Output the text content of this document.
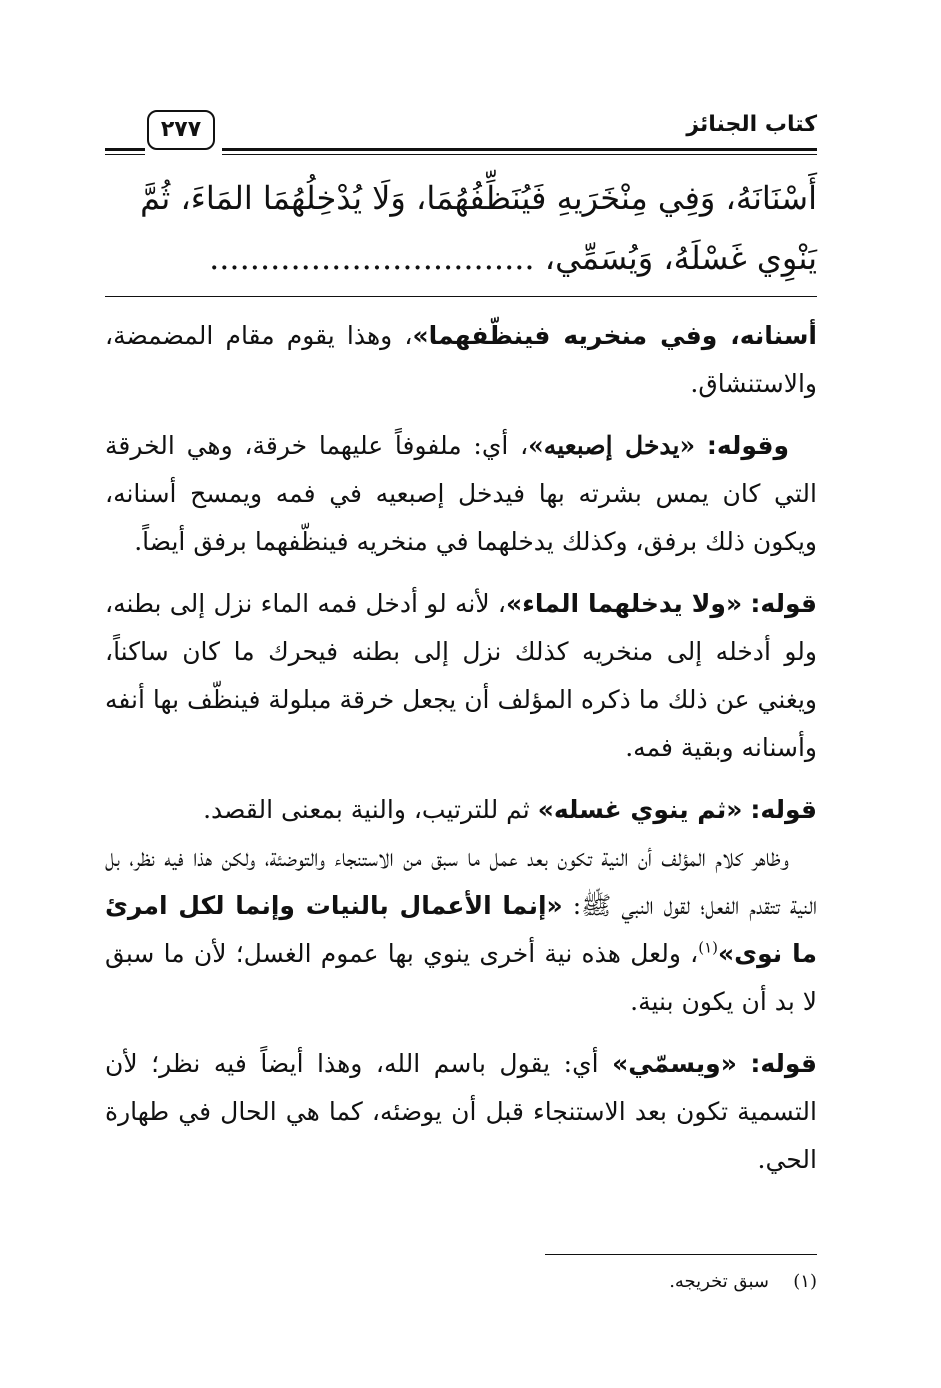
كتاب الجنائز
٢٧٧
أَسْنَانَهُ، وَفِي مِنْخَرَيهِ فَيُنَظِّفُهُمَا، وَلَا يُدْخِلُهُمَا المَاءَ، ثُمَّ
يَنْوِي غَسْلَهُ، وَيُسَمِّي، ................................

أسنانه، وفي منخريه فينظّفهما»، وهذا يقوم مقام المضمضة، والاستنشاق.

وقوله: «يدخل إصبعيه»، أي: ملفوفاً عليهما خرقة، وهي الخرقة التي كان يمس بشرته بها فيدخل إصبعيه في فمه ويمسح أسنانه، ويكون ذلك برفق، وكذلك يدخلهما في منخريه فينظّفهما برفق أيضاً.

قوله: «ولا يدخلهما الماء»، لأنه لو أدخل فمه الماء نزل إلى بطنه، ولو أدخله إلى منخريه كذلك نزل إلى بطنه فيحرك ما كان ساكناً، ويغني عن ذلك ما ذكره المؤلف أن يجعل خرقة مبلولة فينظّف بها أنفه وأسنانه وبقية فمه.

قوله: «ثم ينوي غسله» ثم للترتيب، والنية بمعنى القصد.

وظاهر كلام المؤلف أن النية تكون بعد عمل ما سبق من الاستنجاء والتوضئة، ولكن هذا فيه نظر، بل النية تتقدم الفعل؛ لقول النبي ﷺ: «إنما الأعمال بالنيات وإنما لكل امرئ ما نوى»$^{(١)}$، ولعل هذه نية أخرى ينوي بها عموم الغسل؛ لأن ما سبق لا بد أن يكون بنية.

قوله: «ويسمّي» أي: يقول باسم الله، وهذا أيضاً فيه نظر؛ لأن التسمية تكون بعد الاستنجاء قبل أن يوضئه، كما هي الحال في طهارة الحي.

(١)سبق تخريجه.
